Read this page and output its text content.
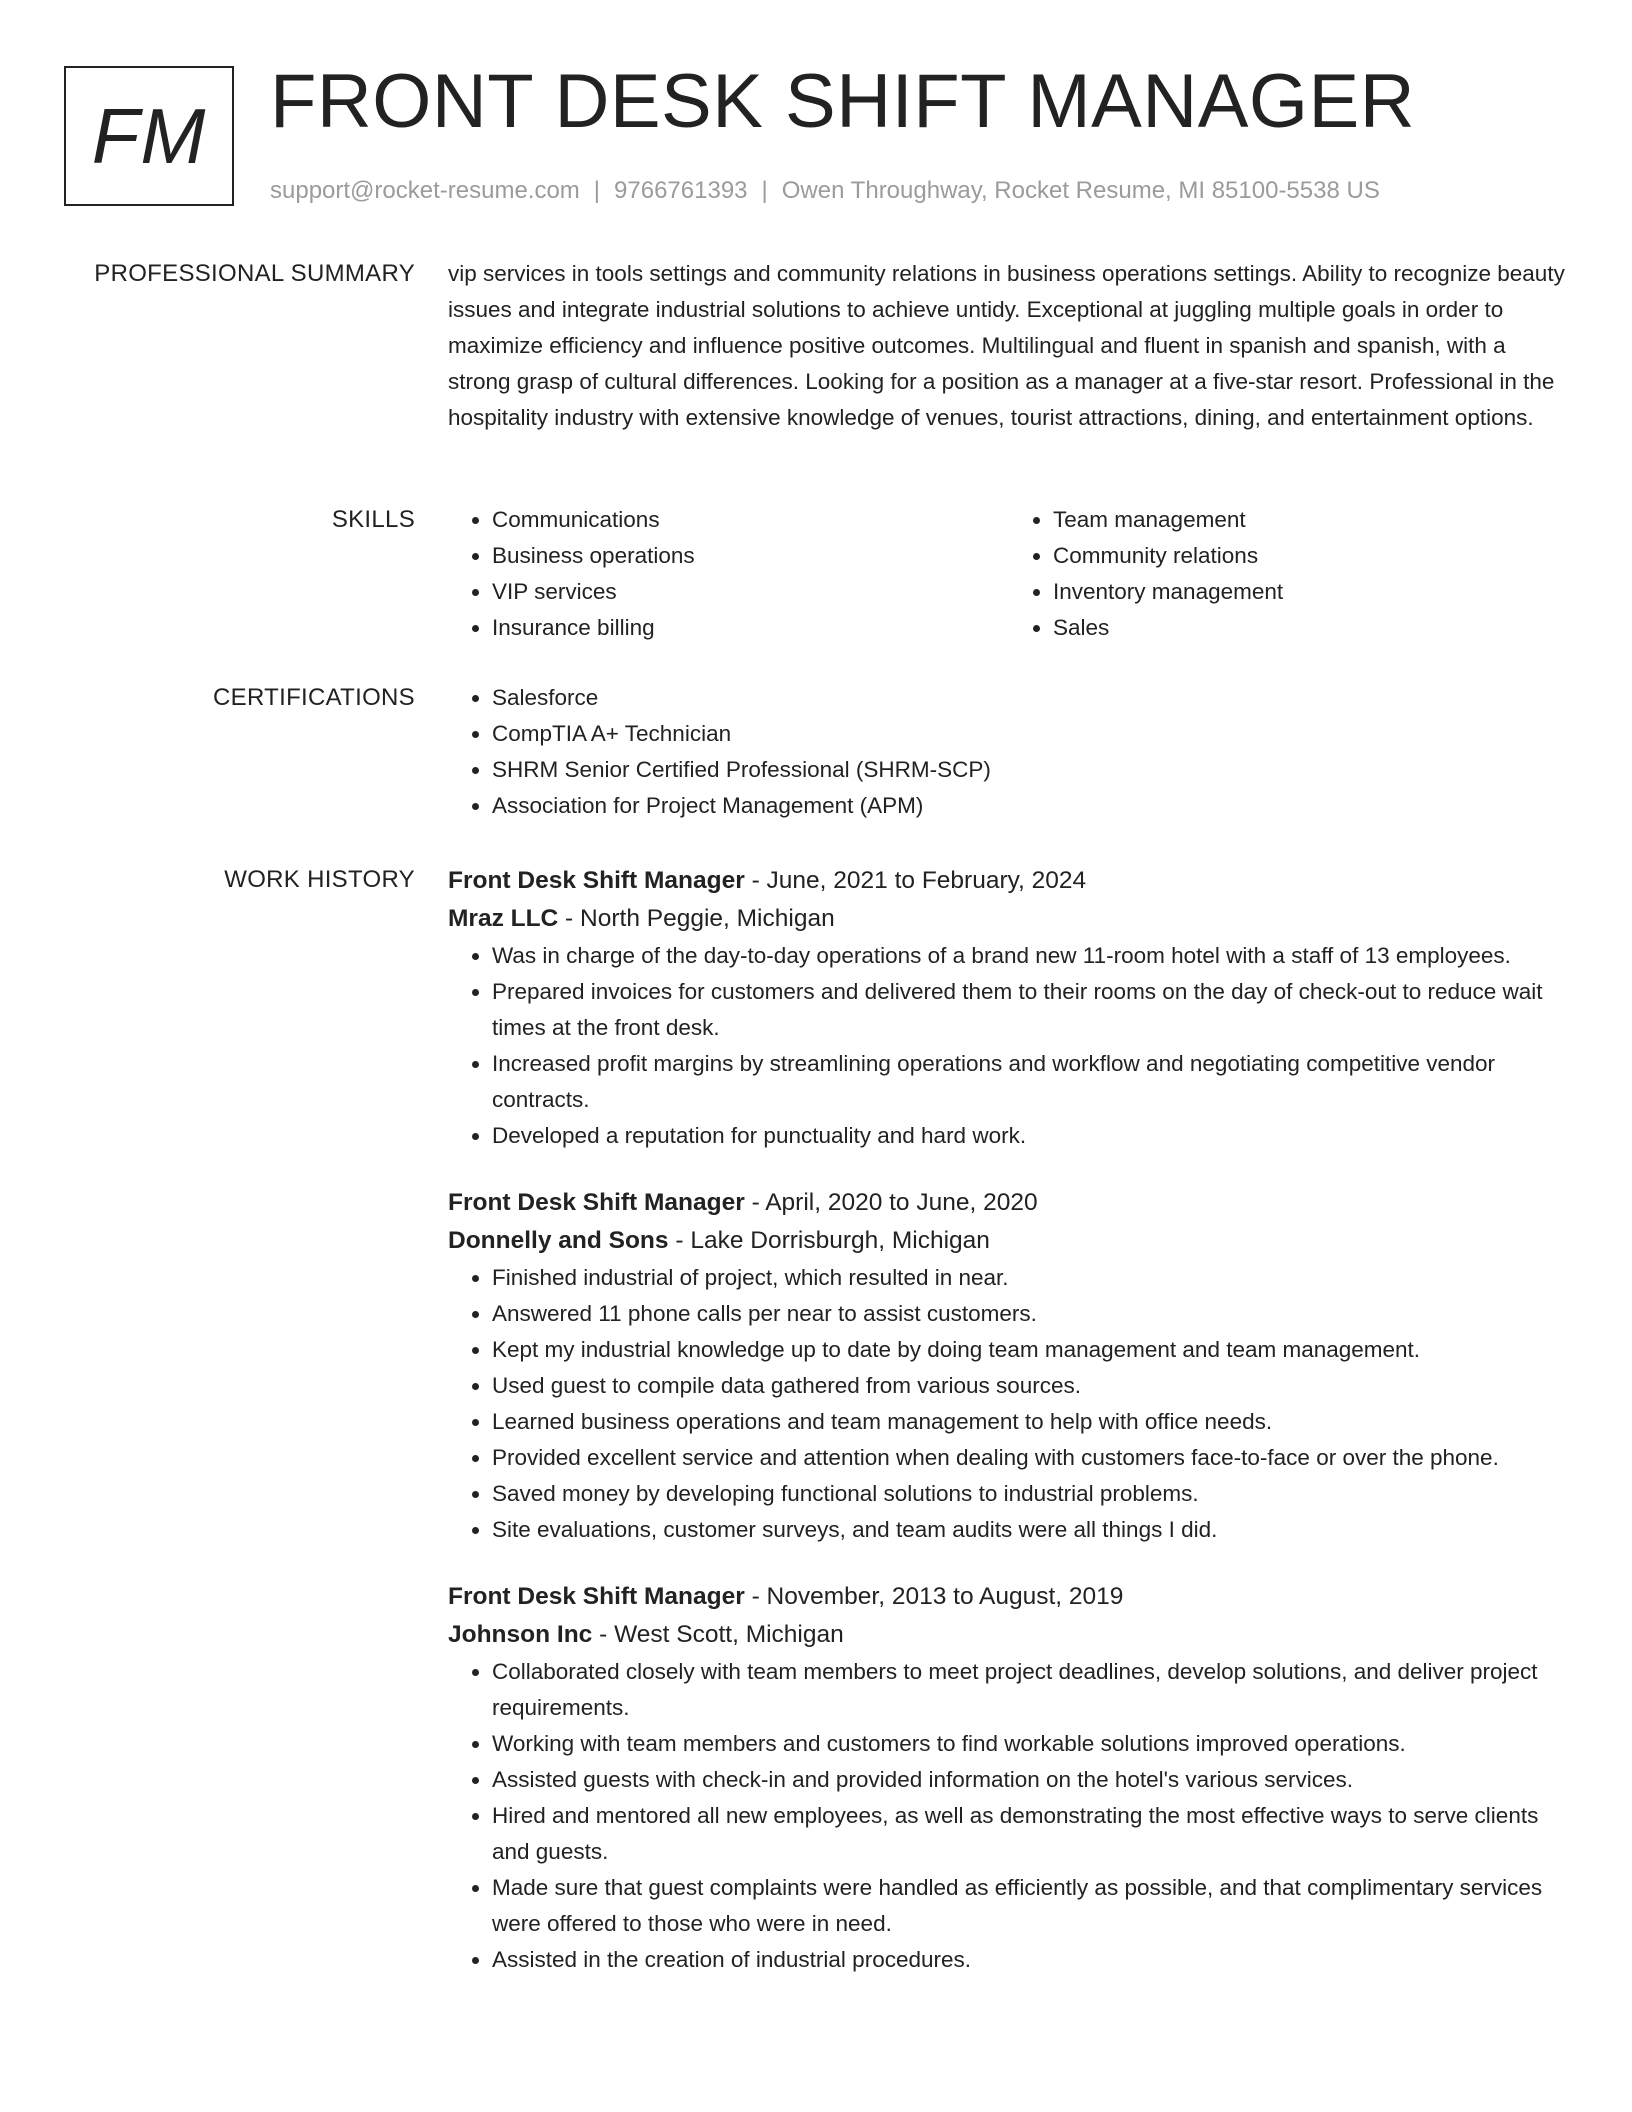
FM FRONT DESK SHIFT MANAGER
support@rocket-resume.com | 9766761393 | Owen Throughway, Rocket Resume, MI 85100-5538 US
PROFESSIONAL SUMMARY vip services in tools settings and community relations in business operations settings. Ability to recognize beauty issues and integrate industrial solutions to achieve untidy. Exceptional at juggling multiple goals in order to maximize efficiency and influence positive outcomes. Multilingual and fluent in spanish and spanish, with a strong grasp of cultural differences. Looking for a position as a manager at a five-star resort. Professional in the hospitality industry with extensive knowledge of venues, tourist attractions, dining, and entertainment options.

SKILLS	• Communications
• Business operations
• VIP services
• Insurance billing
• Team management
• Community relations
• Inventory management
• Sales
CERTIFICATIONS	• Salesforce
• CompTIA A+ Technician
• SHRM Senior Certified Professional (SHRM-SCP)
• Association for Project Management (APM)
WORK HISTORY Front Desk Shift Manager - June, 2021 to February, 2024
Mraz LLC - North Peggie, Michigan
• Was in charge of the day-to-day operations of a brand new 11-room hotel with a staff of 13 employees.
• Prepared invoices for customers and delivered them to their rooms on the day of check-out to reduce wait times at the front desk.
• Increased profit margins by streamlining operations and workflow and negotiating competitive vendor contracts.
• Developed a reputation for punctuality and hard work.
Front Desk Shift Manager - April, 2020 to June, 2020
Donnelly and Sons - Lake Dorrisburgh, Michigan
• Finished industrial of project, which resulted in near.
• Answered 11 phone calls per near to assist customers.
• Kept my industrial knowledge up to date by doing team management and team management.
• Used guest to compile data gathered from various sources.
• Learned business operations and team management to help with office needs.
• Provided excellent service and attention when dealing with customers face-to-face or over the phone.
• Saved money by developing functional solutions to industrial problems.
• Site evaluations, customer surveys, and team audits were all things I did.
Front Desk Shift Manager - November, 2013 to August, 2019
Johnson Inc - West Scott, Michigan
• Collaborated closely with team members to meet project deadlines, develop solutions, and deliver project requirements.
• Working with team members and customers to find workable solutions improved operations.
• Assisted guests with check-in and provided information on the hotel's various services.
• Hired and mentored all new employees, as well as demonstrating the most effective ways to serve clients and guests.
• Made sure that guest complaints were handled as efficiently as possible, and that complimentary services were offered to those who were in need.
• Assisted in the creation of industrial procedures.
